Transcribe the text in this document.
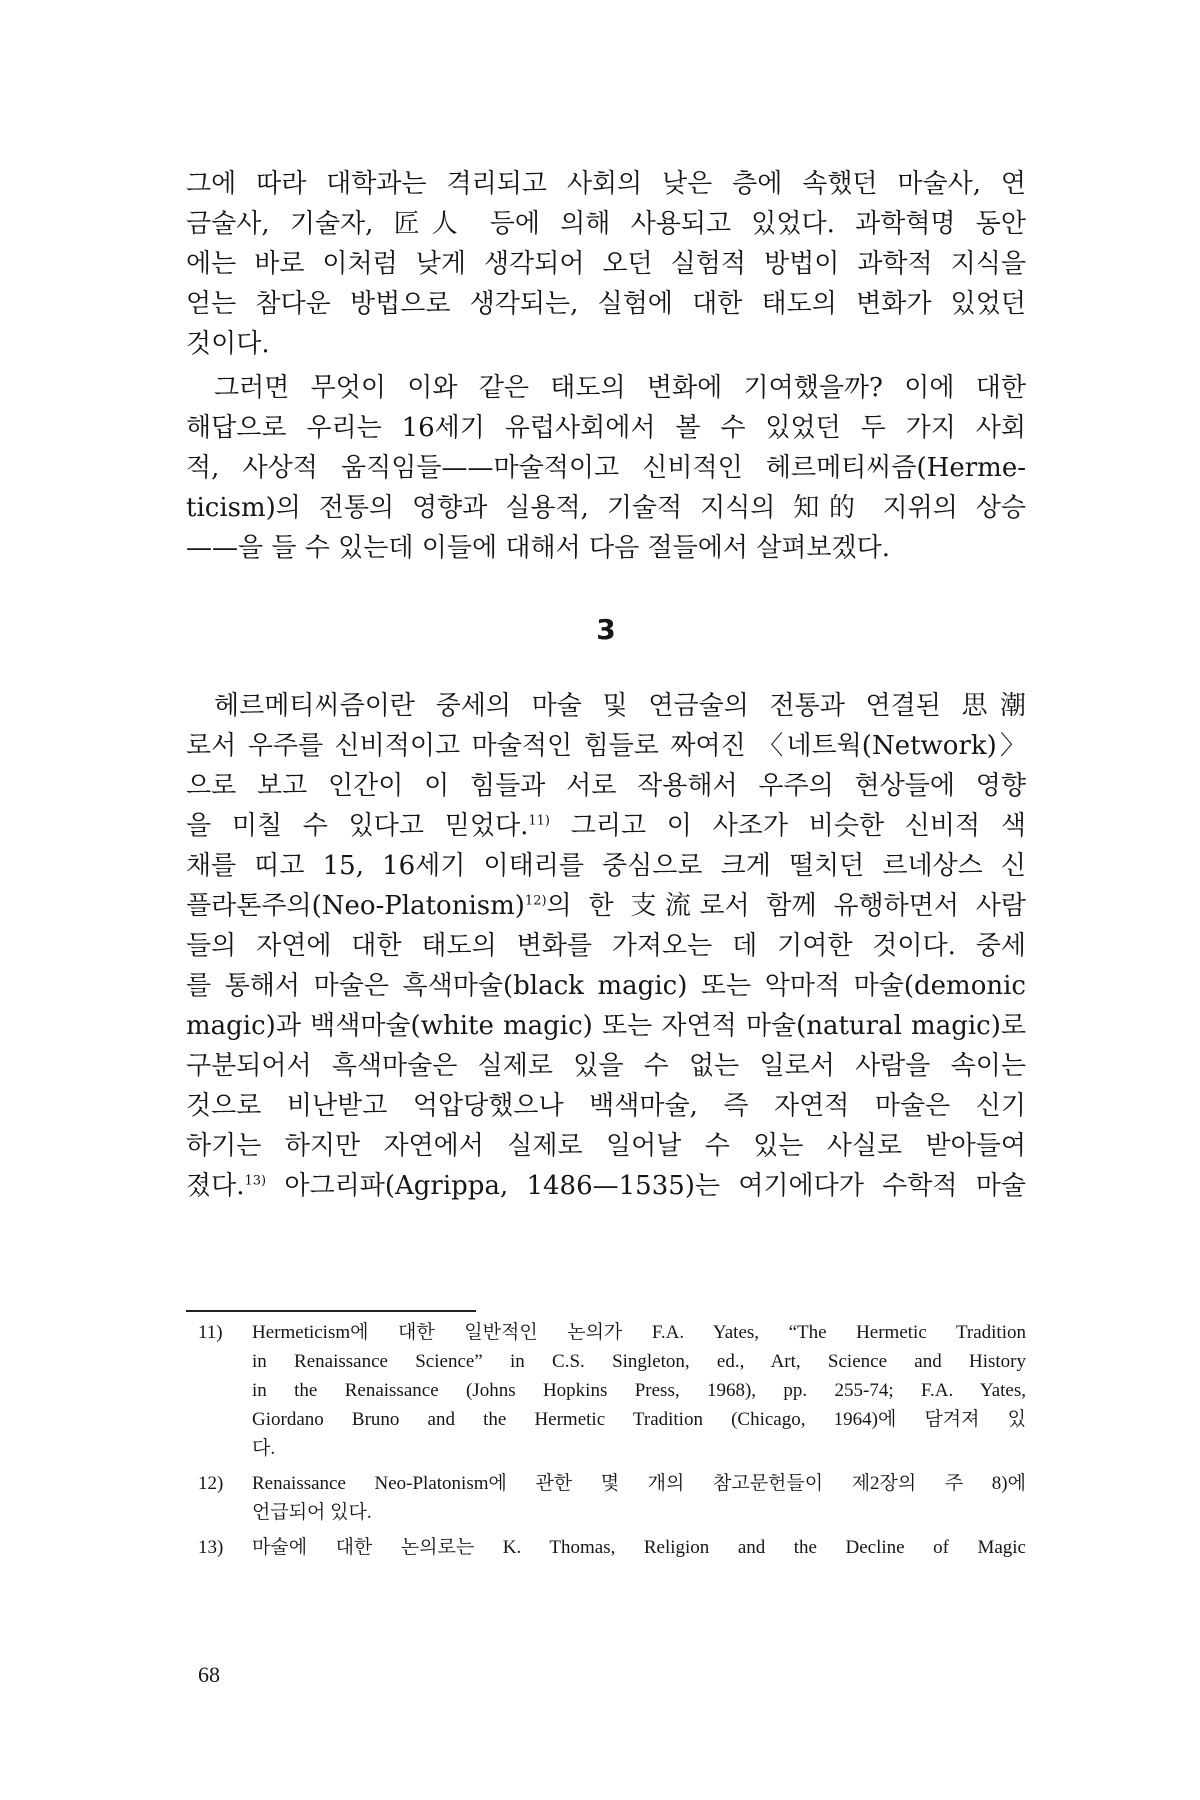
그에 따라 대학과는 격리되고 사회의 낮은 층에 속했던 마술사, 연
금술사, 기술자, 匠人 등에 의해 사용되고 있었다. 과학혁명 동안
에는 바로 이처럼 낮게 생각되어 오던 실험적 방법이 과학적 지식을
얻는 참다운 방법으로 생각되는, 실험에 대한 태도의 변화가 있었던
것이다.
그러면 무엇이 이와 같은 태도의 변화에 기여했을까? 이에 대한
해답으로 우리는 16세기 유럽사회에서 볼 수 있었던 두 가지 사회
적, 사상적 움직임들——마술적이고 신비적인 헤르메티씨즘(Herme-
ticism)의 전통의 영향과 실용적, 기술적 지식의 知的 지위의 상승
——을 들 수 있는데 이들에 대해서 다음 절들에서 살펴보겠다.
3
헤르메티씨즘이란 중세의 마술 및 연금술의 전통과 연결된 思潮
로서 우주를 신비적이고 마술적인 힘들로 짜여진 〈네트웍(Network)〉
으로 보고 인간이 이 힘들과 서로 작용해서 우주의 현상들에 영향
을 미칠 수 있다고 믿었다.$^{11)}$ 그리고 이 사조가 비슷한 신비적 색
채를 띠고 15, 16세기 이태리를 중심으로 크게 떨치던 르네상스 신
플라톤주의(Neo-Platonism)$^{12)}$의 한 支流로서 함께 유행하면서 사람
들의 자연에 대한 태도의 변화를 가져오는 데 기여한 것이다. 중세
를 통해서 마술은 흑색마술(black magic) 또는 악마적 마술(demonic
magic)과 백색마술(white magic) 또는 자연적 마술(natural magic)로
구분되어서 흑색마술은 실제로 있을 수 없는 일로서 사람을 속이는
것으로 비난받고 억압당했으나 백색마술, 즉 자연적 마술은 신기
하기는 하지만 자연에서 실제로 일어날 수 있는 사실로 받아들여
졌다.$^{13)}$ 아그리파(Agrippa, 1486—1535)는 여기에다가 수학적 마술
11) Hermeticism에 대한 일반적인 논의가 F.A. Yates, “The Hermetic Tradition
in Renaissance Science” in C.S. Singleton, ed., Art, Science and History
in the Renaissance (Johns Hopkins Press, 1968), pp. 255-74; F.A. Yates,
Giordano Bruno and the Hermetic Tradition (Chicago, 1964)에 담겨져 있
다.
12) Renaissance Neo-Platonism에 관한 몇 개의 참고문헌들이 제2장의 주 8)에
언급되어 있다.
13) 마술에 대한 논의로는 K. Thomas, Religion and the Decline of Magic
68
